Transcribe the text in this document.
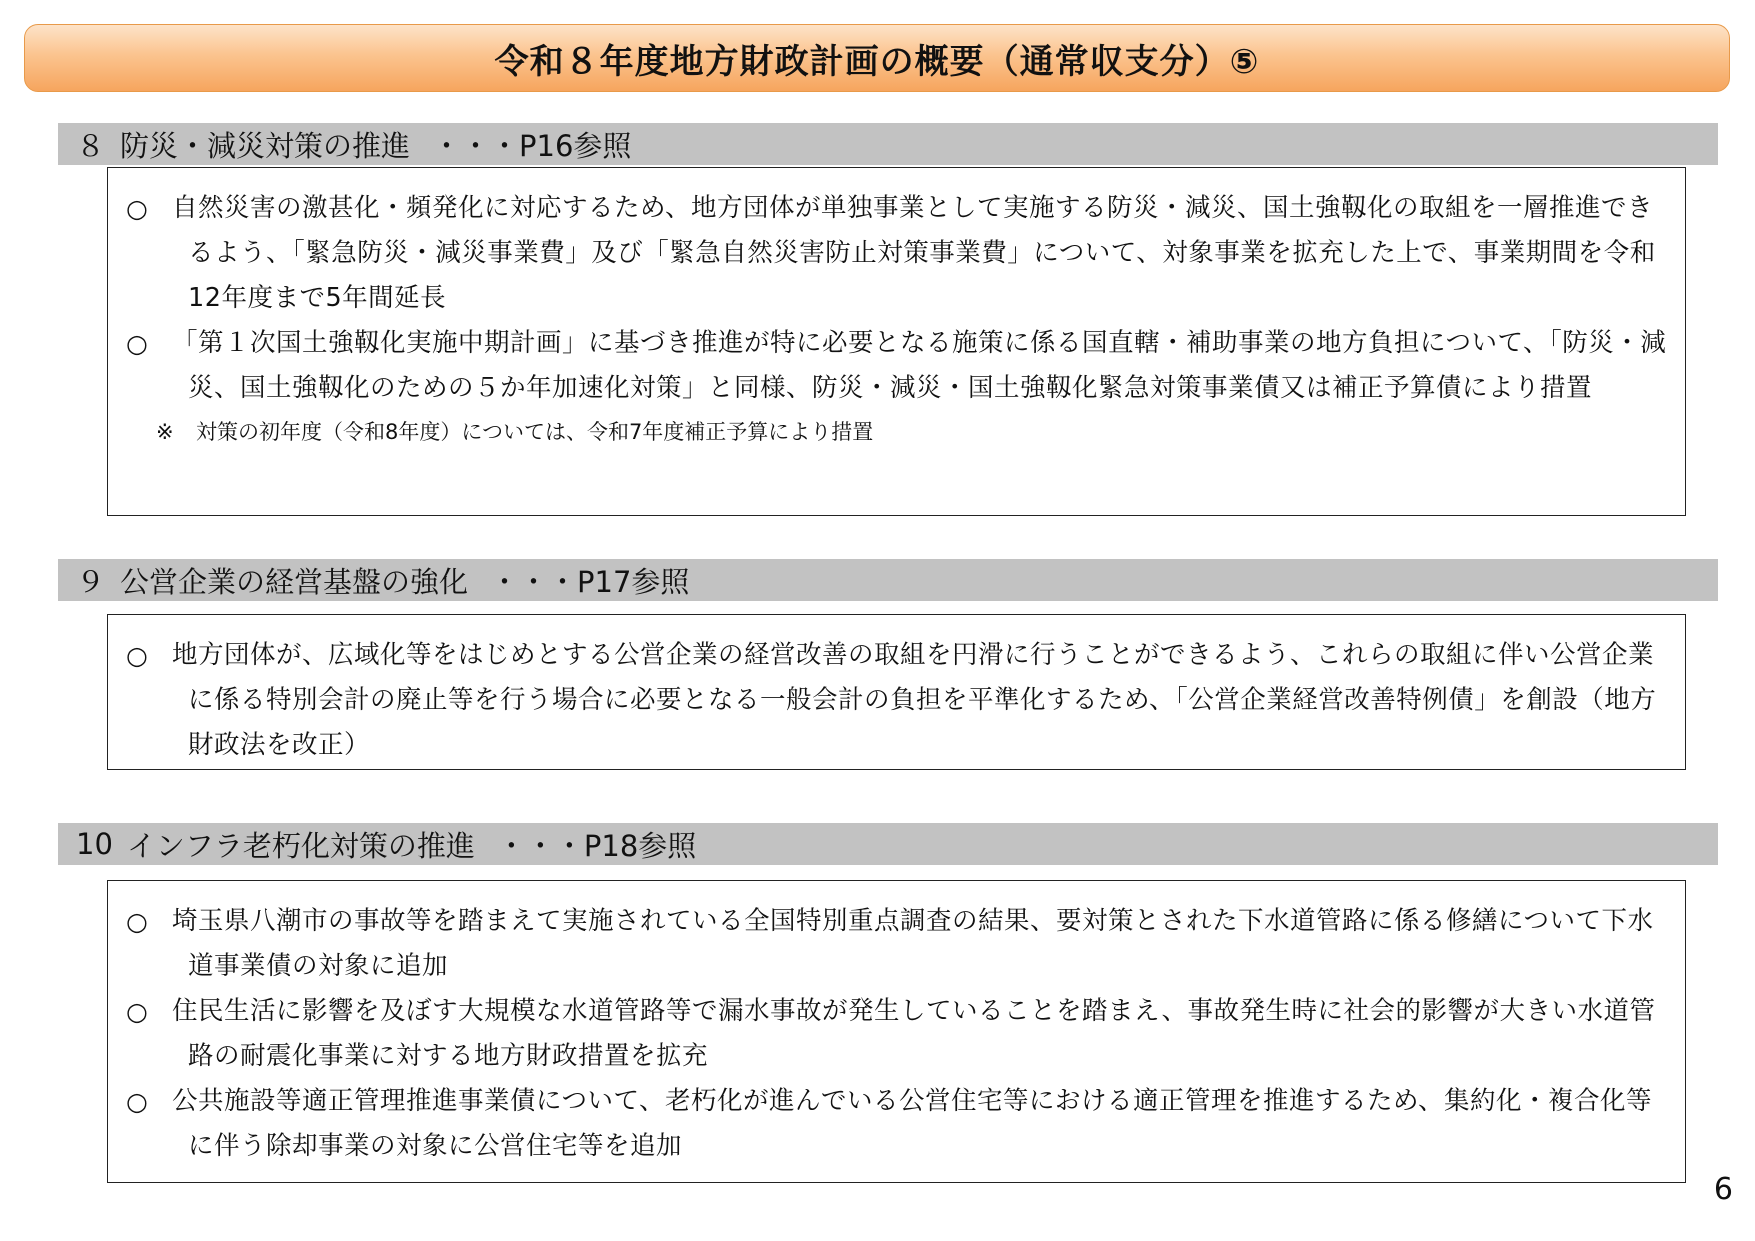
令和８年度地方財政計画の概要（通常収支分）⑤
８ 防災・減災対策の推進 ・・・P16参照
○ 自然災害の激甚化・頻発化に対応するため、地方団体が単独事業として実施する防災・減災、国土強靱化の取組を一層推進できるよう、「緊急防災・減災事業費」及び「緊急自然災害防止対策事業費」について、対象事業を拡充した上で、事業期間を令和12年度まで5年間延長
○ 「第１次国土強靱化実施中期計画」に基づき推進が特に必要となる施策に係る国直轄・補助事業の地方負担について、「防災・減災、国土強靱化のための５か年加速化対策」と同様、防災・減災・国土強靱化緊急対策事業債又は補正予算債により措置
※ 対策の初年度（令和8年度）については、令和7年度補正予算により措置
９ 公営企業の経営基盤の強化 ・・・P17参照
○ 地方団体が、広域化等をはじめとする公営企業の経営改善の取組を円滑に行うことができるよう、これらの取組に伴い公営企業に係る特別会計の廃止等を行う場合に必要となる一般会計の負担を平準化するため、「公営企業経営改善特例債」を創設（地方財政法を改正）
10 インフラ老朽化対策の推進 ・・・P18参照
○ 埼玉県八潮市の事故等を踏まえて実施されている全国特別重点調査の結果、要対策とされた下水道管路に係る修繕について下水道事業債の対象に追加
○ 住民生活に影響を及ぼす大規模な水道管路等で漏水事故が発生していることを踏まえ、事故発生時に社会的影響が大きい水道管路の耐震化事業に対する地方財政措置を拡充
○ 公共施設等適正管理推進事業債について、老朽化が進んでいる公営住宅等における適正管理を推進するため、集約化・複合化等に伴う除却事業の対象に公営住宅等を追加
6
